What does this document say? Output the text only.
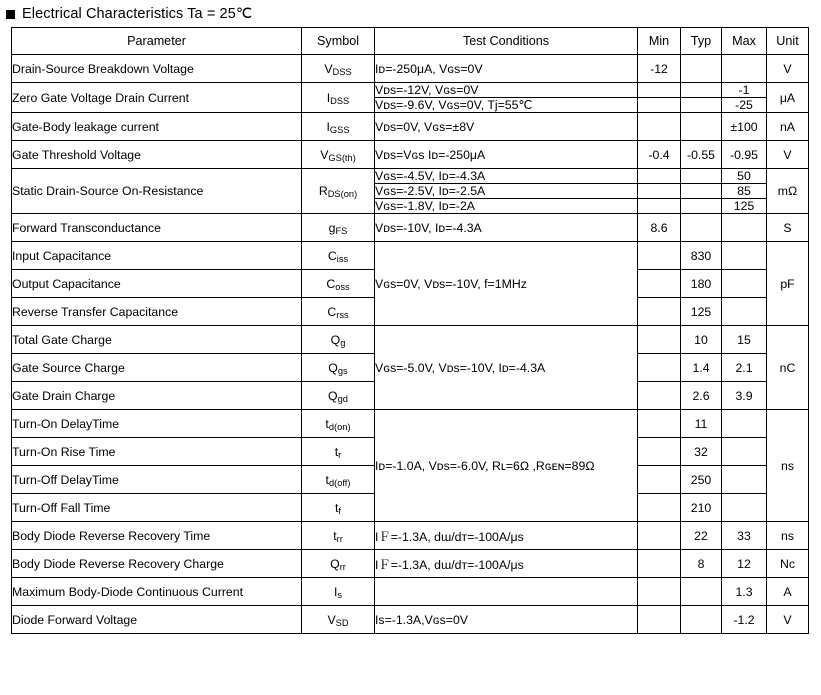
Electrical Characteristics Ta = 25℃
Parameter	Symbol	Test Conditions	Min	Typ	Max	Unit
Drain-Source Breakdown Voltage	VDSS	Iᴅ=-250μA, Vɢѕ=0V	-12			V
Zero Gate Voltage Drain Current	IDSS	Vᴅѕ=-12V, Vɢѕ=0V			-1	μA
		Vᴅѕ=-9.6V, Vɢѕ=0V, Tј=55℃			-25	
Gate-Body leakage current	IGSS	Vᴅѕ=0V, Vɢѕ=±8V			±100	nA
Gate Threshold Voltage	VGS(th)	Vᴅѕ=Vɢѕ Iᴅ=-250μA	-0.4	-0.55	-0.95	V
Static Drain-Source On-Resistance	RDS(on)	Vɢѕ=-4.5V, Iᴅ=-4.3A			50	mΩ
		Vɢѕ=-2.5V, Iᴅ=-2.5A			85	
		Vɢѕ=-1.8V, Iᴅ=-2A			125	
Forward Transconductance	gFS	Vᴅѕ=-10V, Iᴅ=-4.3A	8.6			S
Input Capacitance	Ciss	Vɢѕ=0V, Vᴅѕ=-10V, f=1MHz		830		pF
Output Capacitance	Coss			180		
Reverse Transfer Capacitance	Crss			125		
Total Gate Charge	Qg	Vɢѕ=-5.0V, Vᴅѕ=-10V, Iᴅ=-4.3A		10	15	nC
Gate Source Charge	Qgs			1.4	2.1	
Gate Drain Charge	Qgd			2.6	3.9	
Turn-On DelayTime	td(on)	Iᴅ=-1.0A, Vᴅѕ=-6.0V, Rʟ=6Ω ,Rɢᴇɴ=89Ω		11		ns
Turn-On Rise Time	tr			32		
Turn-Off DelayTime	td(off)			250		
Turn-Off Fall Time	tf			210		
Body Diode Reverse Recovery Time	trr	IＦ=-1.3A, dɯ/dᴛ=-100A/μs		22	33	ns
Body Diode Reverse Recovery Charge	Qrr	IＦ=-1.3A, dɯ/dᴛ=-100A/μs		8	12	Nc
Maximum Body-Diode Continuous Current	Is				1.3	A
Diode Forward Voltage	VSD	Iѕ=-1.3A,Vɢѕ=0V			-1.2	V
